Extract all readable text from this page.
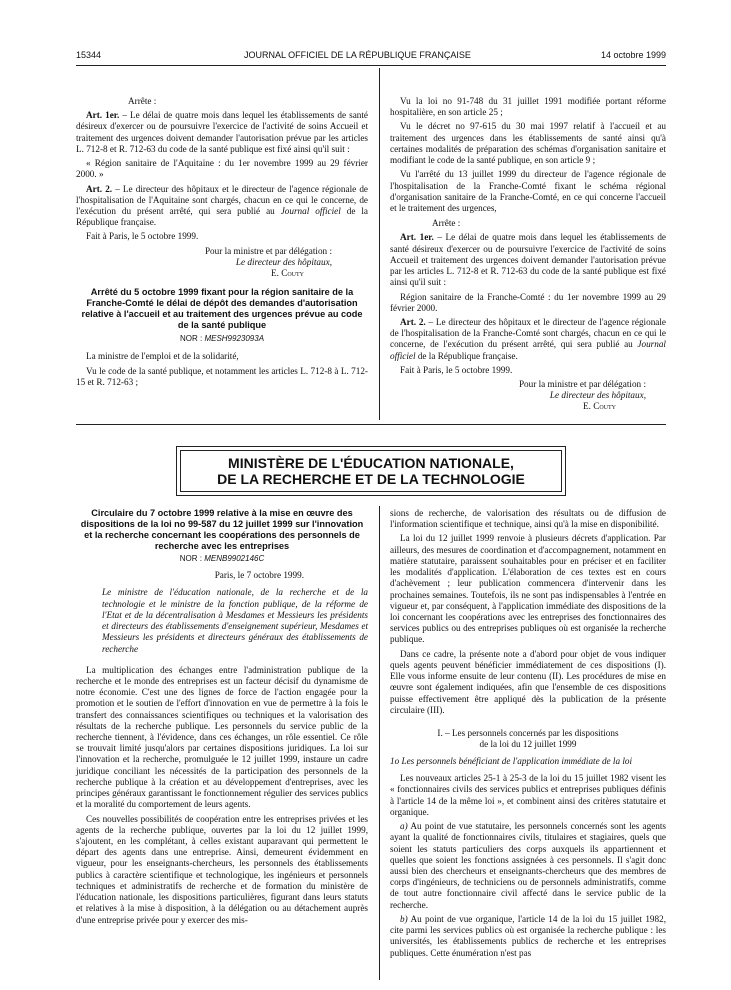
15344	JOURNAL OFFICIEL DE LA RÉPUBLIQUE FRANÇAISE	14 octobre 1999

Arrête :

Art. 1er. – Le délai de quatre mois dans lequel les établissements de santé désireux d'exercer ou de poursuivre l'exercice de l'activité de soins Accueil et traitement des urgences doivent demander l'autorisation prévue par les articles L. 712-8 et R. 712-63 du code de la santé publique est fixé ainsi qu'il suit :

« Région sanitaire de l'Aquitaine : du 1er novembre 1999 au 29 février 2000. »

Art. 2. – Le directeur des hôpitaux et le directeur de l'agence régionale de l'hospitalisation de l'Aquitaine sont chargés, chacun en ce qui le concerne, de l'exécution du présent arrêté, qui sera publié au Journal officiel de la République française.

Fait à Paris, le 5 octobre 1999.

Pour la ministre et par délégation :
Le directeur des hôpitaux,
E. Couty
Arrêté du 5 octobre 1999 fixant pour la région sanitaire de la Franche-Comté le délai de dépôt des demandes d'autorisation relative à l'accueil et au traitement des urgences prévue au code de la santé publique
NOR : MESH9923093A

La ministre de l'emploi et de la solidarité,

Vu le code de la santé publique, et notamment les articles L. 712-8 à L. 712-15 et R. 712-63 ;

Vu la loi no 91-748 du 31 juillet 1991 modifiée portant réforme hospitalière, en son article 25 ;

Vu le décret no 97-615 du 30 mai 1997 relatif à l'accueil et au traitement des urgences dans les établissements de santé ainsi qu'à certaines modalités de préparation des schémas d'organisation sanitaire et modifiant le code de la santé publique, en son article 9 ;

Vu l'arrêté du 13 juillet 1999 du directeur de l'agence régionale de l'hospitalisation de la Franche-Comté fixant le schéma régional d'organisation sanitaire de la Franche-Comté, en ce qui concerne l'accueil et le traitement des urgences,

Arrête :

Art. 1er. – Le délai de quatre mois dans lequel les établissements de santé désireux d'exercer ou de poursuivre l'exercice de l'activité de soins Accueil et traitement des urgences doivent demander l'autorisation prévue par les articles L. 712-8 et R. 712-63 du code de la santé publique est fixé ainsi qu'il suit :

Région sanitaire de la Franche-Comté : du 1er novembre 1999 au 29 février 2000.

Art. 2. – Le directeur des hôpitaux et le directeur de l'agence régionale de l'hospitalisation de la Franche-Comté sont chargés, chacun en ce qui le concerne, de l'exécution du présent arrêté, qui sera publié au Journal officiel de la République française.

Fait à Paris, le 5 octobre 1999.

Pour la ministre et par délégation :
Le directeur des hôpitaux,
E. Couty
MINISTÈRE DE L'ÉDUCATION NATIONALE,
DE LA RECHERCHE ET DE LA TECHNOLOGIE
Circulaire du 7 octobre 1999 relative à la mise en œuvre des dispositions de la loi no 99-587 du 12 juillet 1999 sur l'innovation et la recherche concernant les coopérations des personnels de recherche avec les entreprises
NOR : MENB9902146C
Paris, le 7 octobre 1999.
Le ministre de l'éducation nationale, de la recherche et de la technologie et le ministre de la fonction publique, de la réforme de l'Etat et de la décentralisation à Mesdames et Messieurs les présidents et directeurs des établissements d'enseignement supérieur, Mesdames et Messieurs les présidents et directeurs généraux des établissements de recherche

La multiplication des échanges entre l'administration publique de la recherche et le monde des entreprises est un facteur décisif du dynamisme de notre économie. C'est une des lignes de force de l'action engagée pour la promotion et le soutien de l'effort d'innovation en vue de permettre à la fois le transfert des connaissances scientifiques ou techniques et la valorisation des résultats de la recherche publique. Les personnels du service public de la recherche tiennent, à l'évidence, dans ces échanges, un rôle essentiel. Ce rôle se trouvait limité jusqu'alors par certaines dispositions juridiques. La loi sur l'innovation et la recherche, promulguée le 12 juillet 1999, instaure un cadre juridique conciliant les nécessités de la participation des personnels de la recherche publique à la création et au développement d'entreprises, avec les principes généraux garantissant le fonctionnement régulier des services publics et la moralité du comportement de leurs agents.

Ces nouvelles possibilités de coopération entre les entreprises privées et les agents de la recherche publique, ouvertes par la loi du 12 juillet 1999, s'ajoutent, en les complétant, à celles existant auparavant qui permettent le départ des agents dans une entreprise. Ainsi, demeurent évidemment en vigueur, pour les enseignants-chercheurs, les personnels des établissements publics à caractère scientifique et technologique, les ingénieurs et personnels techniques et administratifs de recherche et de formation du ministère de l'éducation nationale, les dispositions particulières, figurant dans leurs statuts et relatives à la mise à disposition, à la délégation ou au détachement auprès d'une entreprise privée pour y exercer des mis-

sions de recherche, de valorisation des résultats ou de diffusion de l'information scientifique et technique, ainsi qu'à la mise en disponibilité.

La loi du 12 juillet 1999 renvoie à plusieurs décrets d'application. Par ailleurs, des mesures de coordination et d'accompagnement, notamment en matière statutaire, paraissent souhaitables pour en préciser et en faciliter les modalités d'application. L'élaboration de ces textes est en cours d'achèvement ; leur publication commencera d'intervenir dans les prochaines semaines. Toutefois, ils ne sont pas indispensables à l'entrée en vigueur et, par conséquent, à l'application immédiate des dispositions de la loi concernant les coopérations avec les entreprises des fonctionnaires des services publics ou des entreprises publiques où est organisée la recherche publique.

Dans ce cadre, la présente note a d'abord pour objet de vous indiquer quels agents peuvent bénéficier immédiatement de ces dispositions (I). Elle vous informe ensuite de leur contenu (II). Les procédures de mise en œuvre sont également indiquées, afin que l'ensemble de ces dispositions puisse effectivement être appliqué dès la publication de la présente circulaire (III).

I. – Les personnels concernés par les dispositions
de la loi du 12 juillet 1999
1o Les personnels bénéficiant de l'application immédiate de la loi

Les nouveaux articles 25-1 à 25-3 de la loi du 15 juillet 1982 visent les « fonctionnaires civils des services publics et entreprises publiques définis à l'article 14 de la même loi », et combinent ainsi des critères statutaire et organique.

a) Au point de vue statutaire, les personnels concernés sont les agents ayant la qualité de fonctionnaires civils, titulaires et stagiaires, quels que soient les statuts particuliers des corps auxquels ils appartiennent et quelles que soient les fonctions assignées à ces personnels. Il s'agit donc aussi bien des chercheurs et enseignants-chercheurs que des membres de corps d'ingénieurs, de techniciens ou de personnels administratifs, comme de tout autre fonctionnaire civil affecté dans le service public de la recherche.

b) Au point de vue organique, l'article 14 de la loi du 15 juillet 1982, cite parmi les services publics où est organisée la recherche publique : les universités, les établissements publics de recherche et les entreprises publiques. Cette énumération n'est pas
